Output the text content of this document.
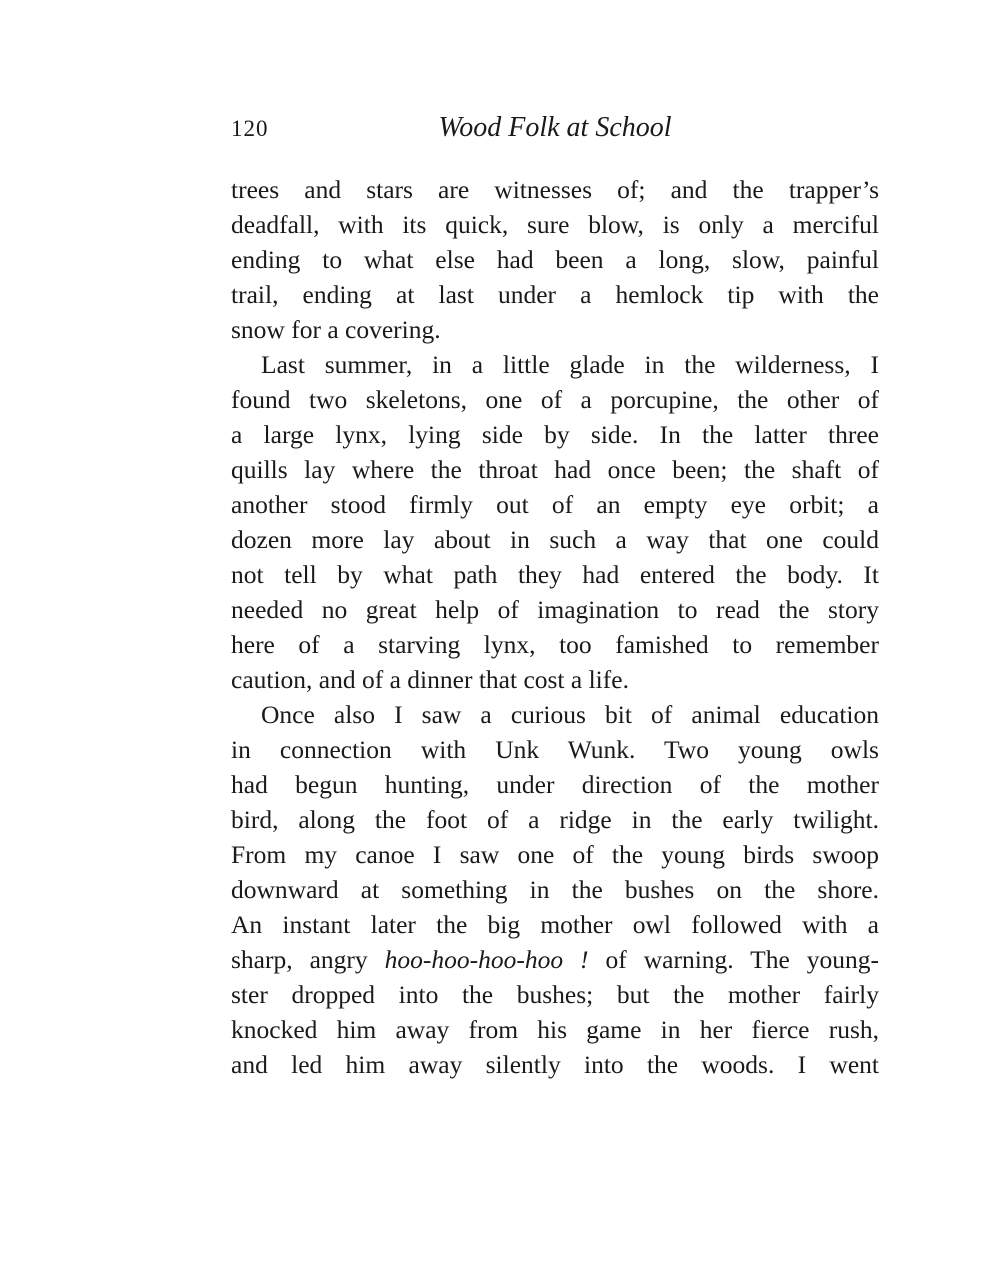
120	Wood Folk at School

trees and stars are witnesses of; and the trapper’s
deadfall, with its quick, sure blow, is only a merciful
ending to what else had been a long, slow, painful
trail, ending at last under a hemlock tip with the
snow for a covering.

Last summer, in a little glade in the wilderness, I
found two skeletons, one of a porcupine, the other of
a large lynx, lying side by side. In the latter three
quills lay where the throat had once been; the shaft of
another stood firmly out of an empty eye orbit; a
dozen more lay about in such a way that one could
not tell by what path they had entered the body. It
needed no great help of imagination to read the story
here of a starving lynx, too famished to remember
caution, and of a dinner that cost a life.

Once also I saw a curious bit of animal education
in connection with Unk Wunk. Two young owls
had begun hunting, under direction of the mother
bird, along the foot of a ridge in the early twilight.
From my canoe I saw one of the young birds swoop
downward at something in the bushes on the shore.
An instant later the big mother owl followed with a
sharp, angry hoo-hoo-hoo-hoo ! of warning. The young-
ster dropped into the bushes; but the mother fairly
knocked him away from his game in her fierce rush,
and led him away silently into the woods. I went
